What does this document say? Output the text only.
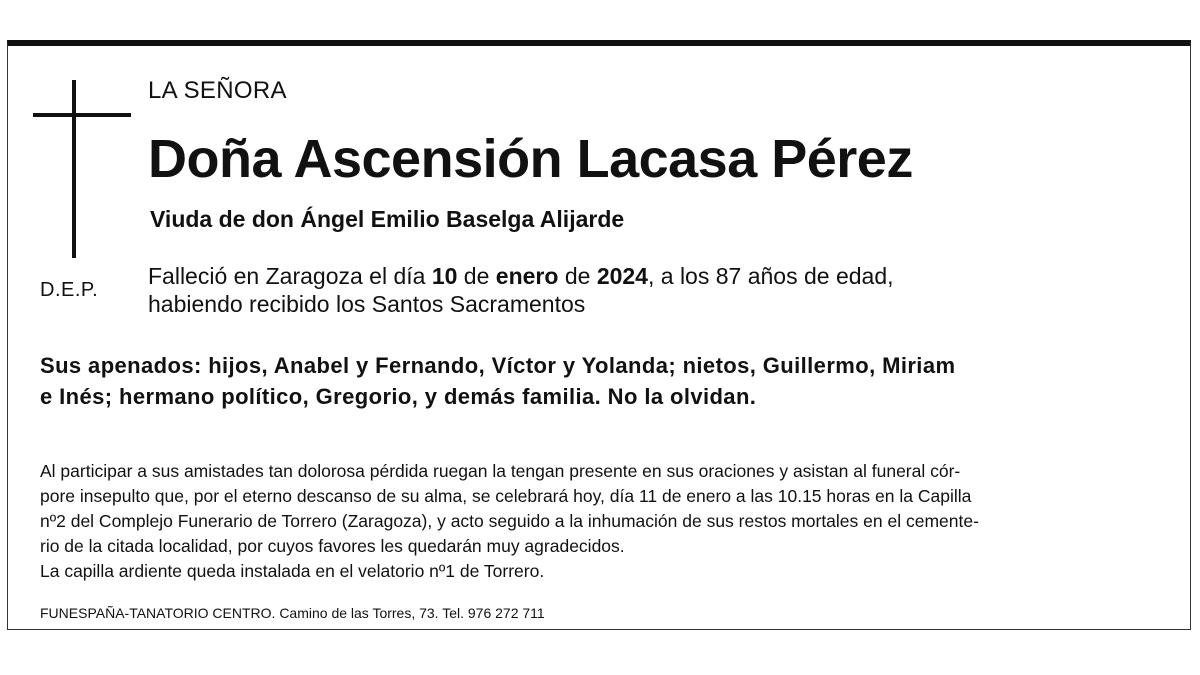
D.E.P.
LA SEÑORA
Doña Ascensión Lacasa Pérez
Viuda de don Ángel Emilio Baselga Alijarde
Falleció en Zaragoza el día 10 de enero de 2024, a los 87 años de edad,
habiendo recibido los Santos Sacramentos
Sus apenados: hijos, Anabel y Fernando, Víctor y Yolanda; nietos, Guillermo, Miriam
e Inés; hermano político, Gregorio, y demás familia. No la olvidan.

Al participar a sus amistades tan dolorosa pérdida ruegan la tengan presente en sus oraciones y asistan al funeral cór-

pore insepulto que, por el eterno descanso de su alma, se celebrará hoy, día 11 de enero a las 10.15 horas en la Capilla

nº2 del Complejo Funerario de Torrero (Zaragoza), y acto seguido a la inhumación de sus restos mortales en el cemente-

rio de la citada localidad, por cuyos favores les quedarán muy agradecidos.

La capilla ardiente queda instalada en el velatorio nº1 de Torrero.

FUNESPAÑA-TANATORIO CENTRO. Camino de las Torres, 73. Tel. 976 272 711
